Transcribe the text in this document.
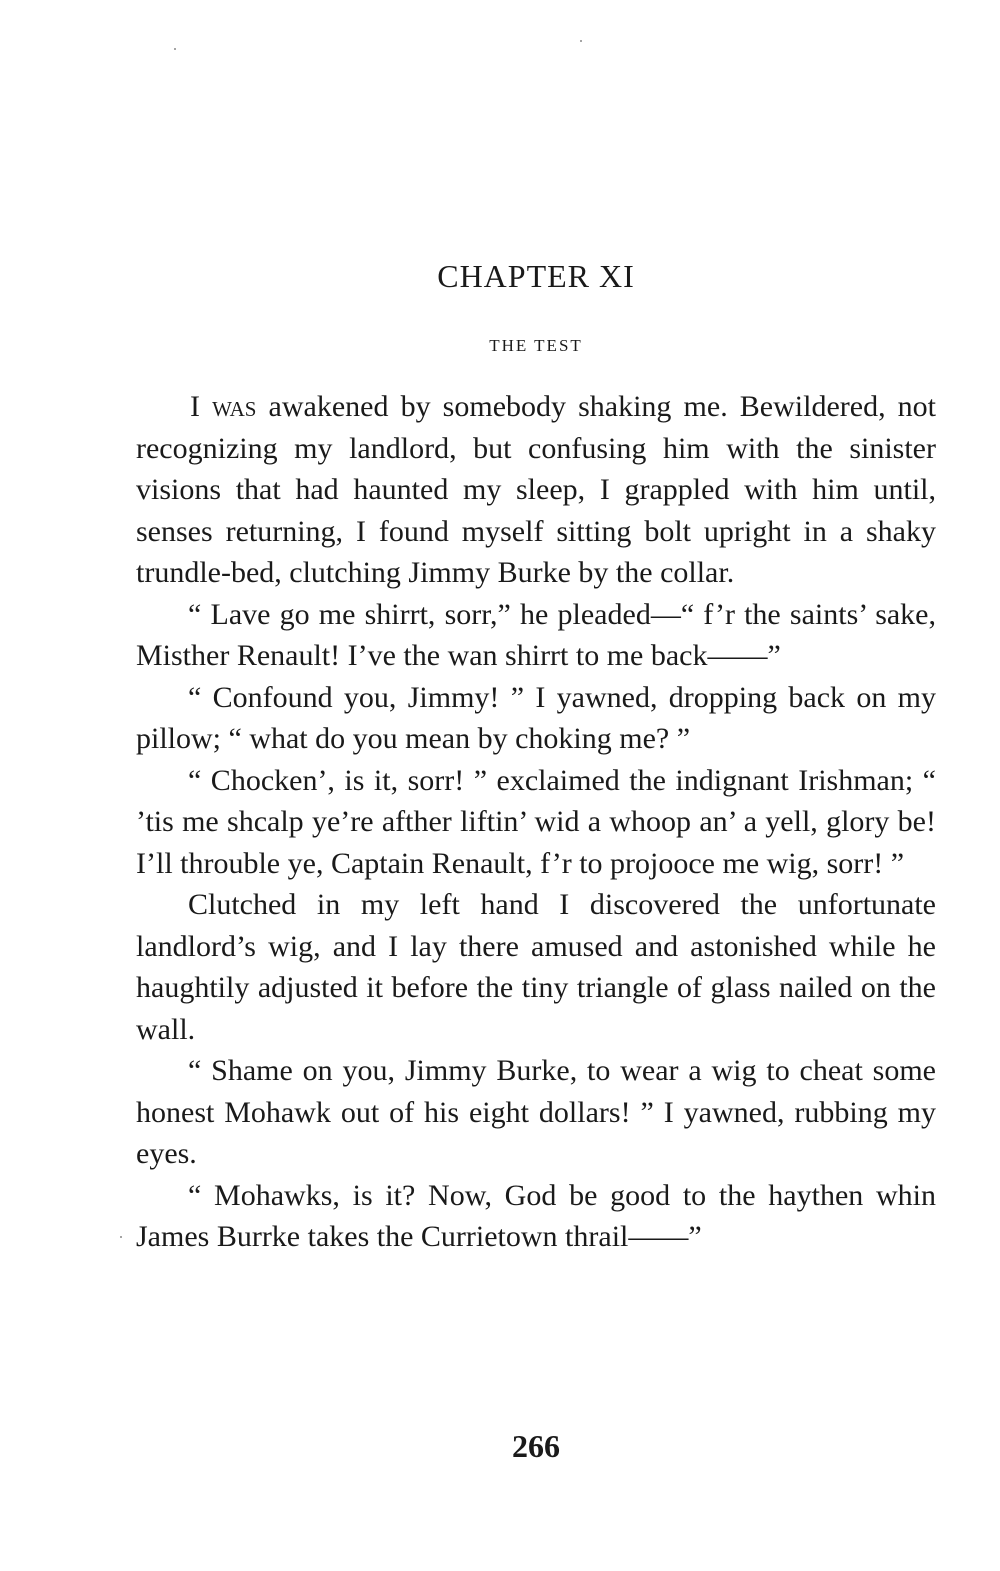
CHAPTER XI
THE TEST

I was awakened by somebody shaking me. Bewildered, not recognizing my landlord, but confusing him with the sinister visions that had haunted my sleep, I grappled with him until, senses returning, I found myself sitting bolt upright in a shaky trundle-bed, clutching Jimmy Burke by the collar.

“ Lave go me shirrt, sorr,” he pleaded—“ f’r the saints’ sake, Misther Renault! I’ve the wan shirrt to me back——”

“ Confound you, Jimmy! ” I yawned, dropping back on my pillow; “ what do you mean by choking me? ”

“ Chocken’, is it, sorr! ” exclaimed the indignant Irishman; “ ’tis me shcalp ye’re afther liftin’ wid a whoop an’ a yell, glory be! I’ll throuble ye, Captain Renault, f’r to projooce me wig, sorr! ”

Clutched in my left hand I discovered the unfortunate landlord’s wig, and I lay there amused and astonished while he haughtily adjusted it before the tiny triangle of glass nailed on the wall.

“ Shame on you, Jimmy Burke, to wear a wig to cheat some honest Mohawk out of his eight dollars! ” I yawned, rubbing my eyes.

“ Mohawks, is it? Now, God be good to the haythen whin James Burrke takes the Currietown thrail——”

266
